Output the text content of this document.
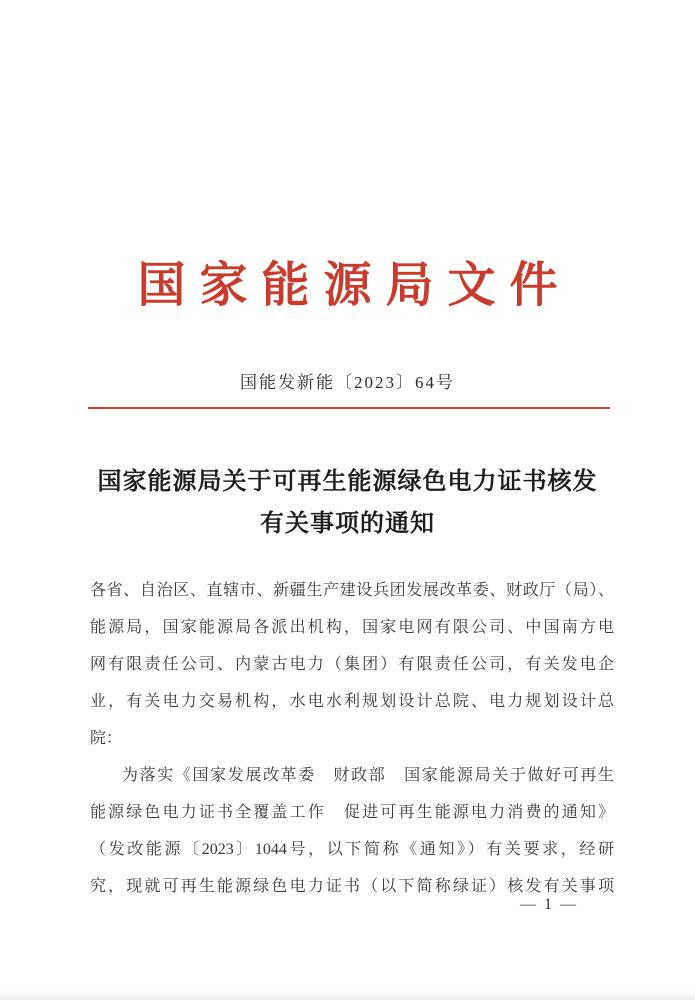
国家能源局文件
国能发新能〔2023〕64号
国家能源局关于可再生能源绿色电力证书核发
有关事项的通知
各省、自治区、直辖市、新疆生产建设兵团发展改革委、财政厅（局）、
能源局，国家能源局各派出机构，国家电网有限公司、中国南方电
网有限责任公司、内蒙古电力（集团）有限责任公司，有关发电企
业，有关电力交易机构，水电水利规划设计总院、电力规划设计总
院：
为落实《国家发展改革委　财政部　国家能源局关于做好可再生
能源绿色电力证书全覆盖工作　促进可再生能源电力消费的通知》
（发改能源〔2023〕1044号，以下简称《通知》）有关要求，经研
究，现就可再生能源绿色电力证书（以下简称绿证）核发有关事项
— 1 —
